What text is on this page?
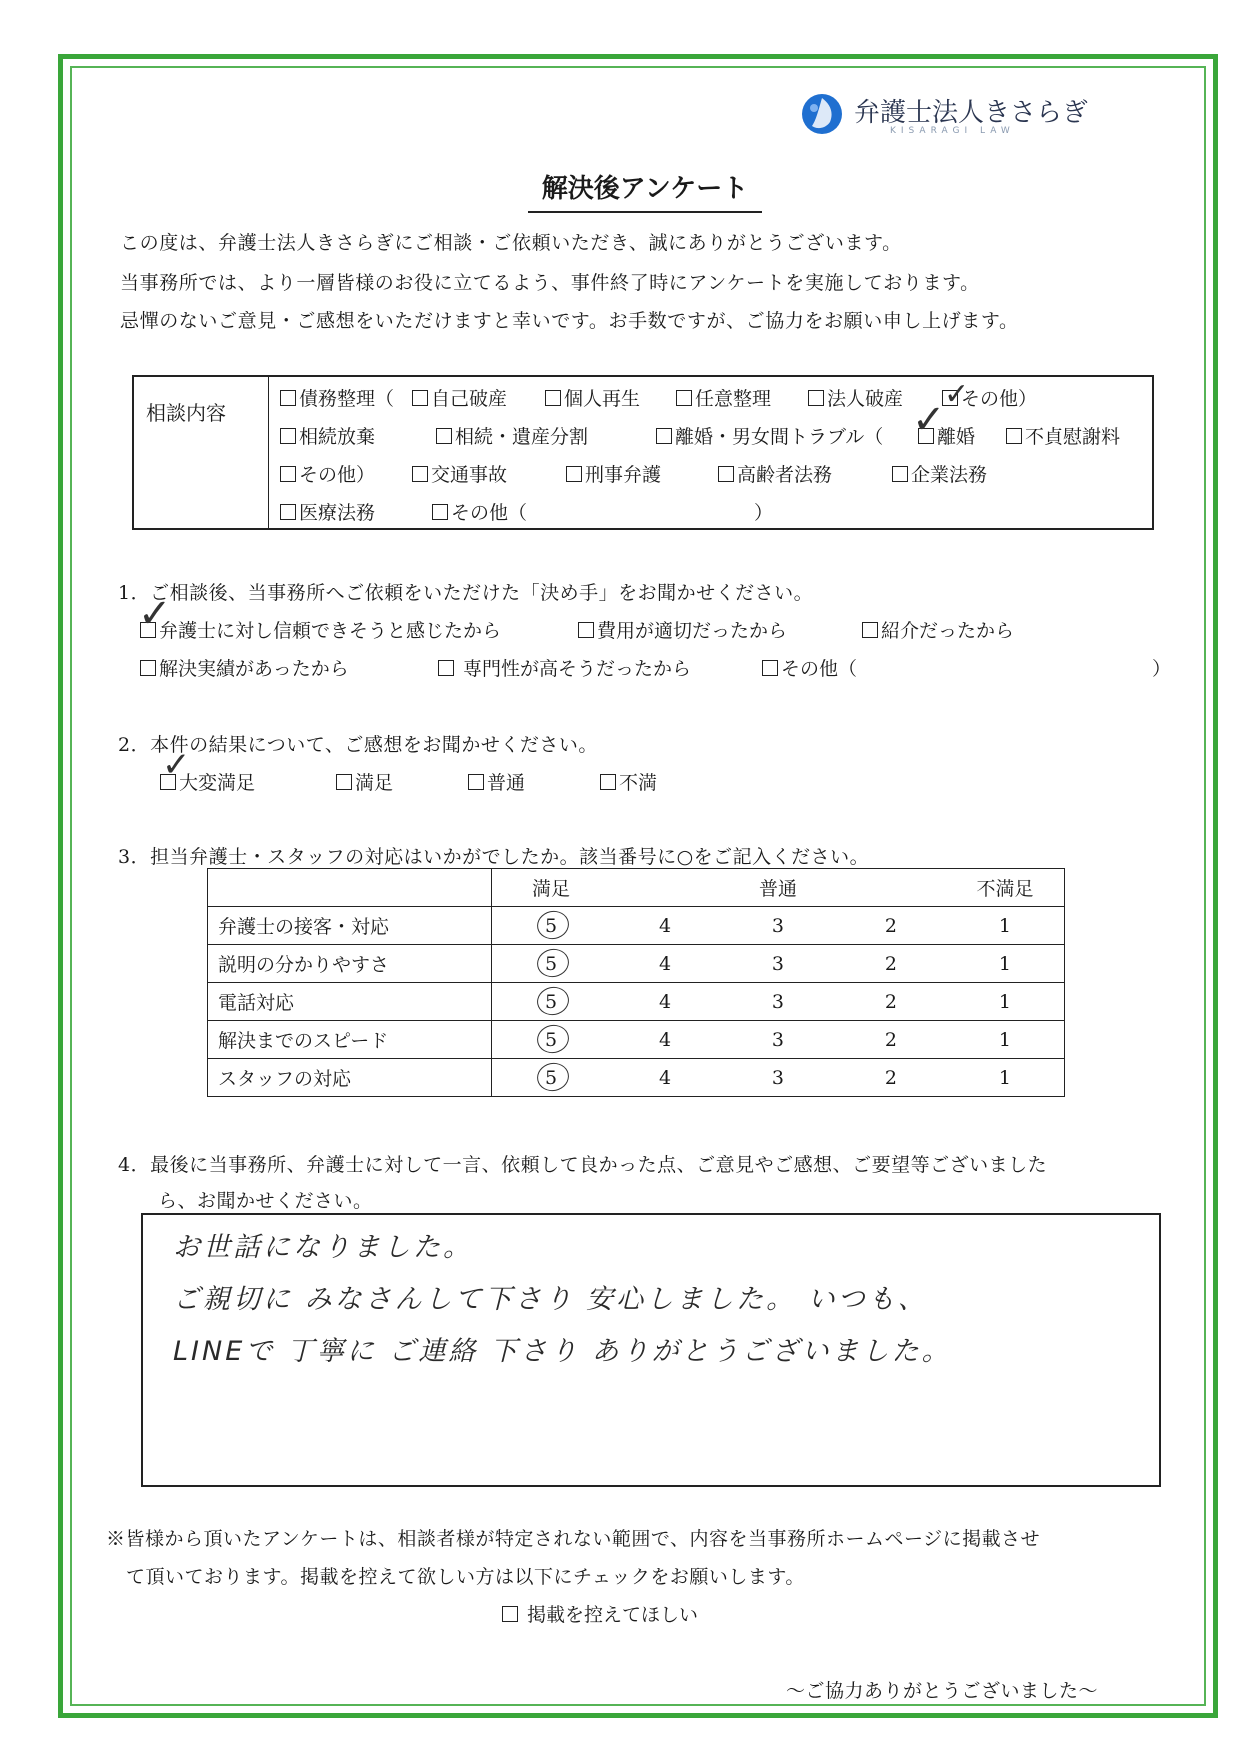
弁護士法人きさらぎ
KISARAGI LAW
解決後アンケート
この度は、弁護士法人きさらぎにご相談・ご依頼いただき、誠にありがとうございます。
当事務所では、より一層皆様のお役に立てるよう、事件終了時にアンケートを実施しております。
忌憚のないご意見・ご感想をいただけますと幸いです。お手数ですが、ご協力をお願い申し上げます。
相談内容
債務整理（	自己破産	個人再生	任意整理	法人破産	その他）
✓
相続放棄	相続・遺産分割	離婚・男女間トラブル（	離婚
✓	不貞慰謝料
その他）	交通事故	刑事弁護	高齢者法務	企業法務
医療法務	その他（	）
1．ご相談後、当事務所へご依頼をいただけた「決め手」をお聞かせください。
弁護士に対し信頼できそうと感じたから
✓	費用が適切だったから	紹介だったから
解決実績があったから	専門性が高そうだったから	その他（	）
2．本件の結果について、ご感想をお聞かせください。
大変満足
✓	満足	普通	不満
3．担当弁護士・スタッフの対応はいかがでしたか。該当番号に○をご記入ください。
	満足		普通		不満足
弁護士の接客・対応	5	4	3	2	1
説明の分かりやすさ	5	4	3	2	1
電話対応	5	4	3	2	1
解決までのスピード	5	4	3	2	1
スタッフの対応	5	4	3	2	1
4．最後に当事務所、弁護士に対して一言、依頼して良かった点、ご意見やご感想、ご要望等ございました
ら、お聞かせください。
お世話になりました。
ご親切に みなさんして下さり 安心しました。 いつも、
LINEで 丁寧に ご連絡 下さり ありがとうございました。
※皆様から頂いたアンケートは、相談者様が特定されない範囲で、内容を当事務所ホームページに掲載させ
て頂いております。掲載を控えて欲しい方は以下にチェックをお願いします。
掲載を控えてほしい
～ご協力ありがとうございました～
